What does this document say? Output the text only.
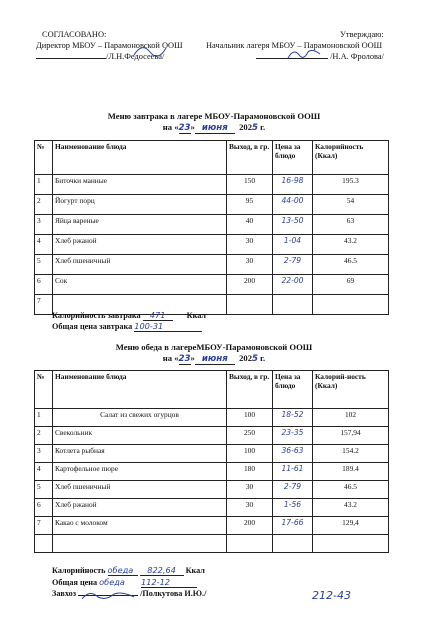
СОГЛАСОВАНО:
Директор МБОУ – Парамоновской ООШ
/Л.Н.Федосеева/
Утверждаю:
Начальник лагеря МБОУ – Парамоновской ООШ
/Н.А. Фролова/
Меню завтрака в лагере МБОУ-Парамоновской ООШ
на «23» июня 2025 г.
№	Наименование блюда	Выход, в гр.	Цена за блюдо	Калорийность (Ккал)
1	Биточки манные	150	16-98	195.3
2	Йогурт порц	95	44-00	54
3	Яйца вареные	40	13-50	63
4	Хлеб ржаной	30	1-04	43.2
5	Хлеб пшеничный	30	2-79	46.5
6	Сок	200	22-00	69
7				
Калорийность завтрака 471	Ккал
Общая цена завтрака 100-31
Меню обеда в лагереМБОУ-Парамоновской ООШ
на «23» июня 2025 г.
№	Наименование блюда	Выход, в гр.	Цена за блюдо	Калорий-ность (Ккал)
1	Салат из свежих огурцов	100	18-52	102
2	Свекольник	250	23-35	157,94
3	Котлета рыбная	100	36-63	154.2
4	Картофельное пюре	180	11-61	189.4
5	Хлеб пшеничный	30	2-79	46.5
6	Хлеб ржаной	30	1-56	43.2
7	Какао с молоком	200	17-66	129,4

Калорийность обеда 822,64 Ккал
Общая цена обеда 112-12
Завхоз	/Полкутова И.Ю./	212-43
